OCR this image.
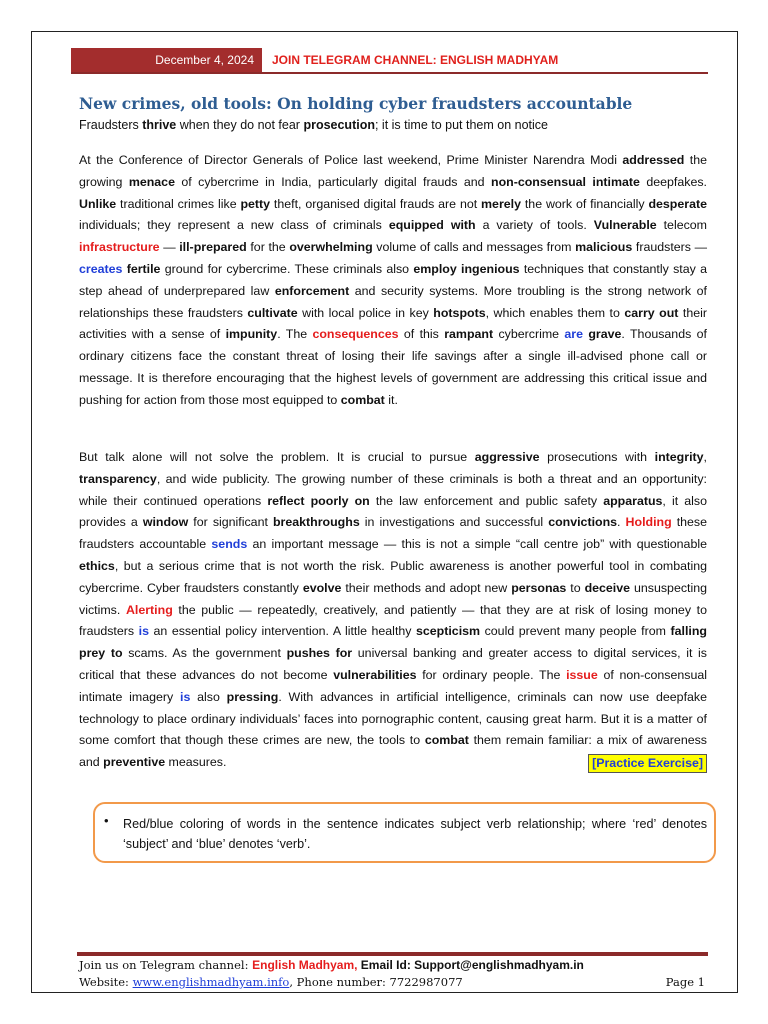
December 4, 2024	JOIN TELEGRAM CHANNEL: ENGLISH MADHYAM
New crimes, old tools: On holding cyber fraudsters accountable

Fraudsters thrive when they do not fear prosecution; it is time to put them on notice

At the Conference of Director Generals of Police last weekend, Prime Minister Narendra Modi addressed the growing menace of cybercrime in India, particularly digital frauds and non-consensual intimate deepfakes. Unlike traditional crimes like petty theft, organised digital frauds are not merely the work of financially desperate individuals; they represent a new class of criminals equipped with a variety of tools. Vulnerable telecom infrastructure — ill-prepared for the overwhelming volume of calls and messages from malicious fraudsters — creates fertile ground for cybercrime. These criminals also employ ingenious techniques that constantly stay a step ahead of underprepared law enforcement and security systems. More troubling is the strong network of relationships these fraudsters cultivate with local police in key hotspots, which enables them to carry out their activities with a sense of impunity. The consequences of this rampant cybercrime are grave. Thousands of ordinary citizens face the constant threat of losing their life savings after a single ill-advised phone call or message. It is therefore encouraging that the highest levels of government are addressing this critical issue and pushing for action from those most equipped to combat it.

But talk alone will not solve the problem. It is crucial to pursue aggressive prosecutions with integrity, transparency, and wide publicity. The growing number of these criminals is both a threat and an opportunity: while their continued operations reflect poorly on the law enforcement and public safety apparatus, it also provides a window for significant breakthroughs in investigations and successful convictions. Holding these fraudsters accountable sends an important message — this is not a simple “call centre job” with questionable ethics, but a serious crime that is not worth the risk. Public awareness is another powerful tool in combating cybercrime. Cyber fraudsters constantly evolve their methods and adopt new personas to deceive unsuspecting victims. Alerting the public — repeatedly, creatively, and patiently — that they are at risk of losing money to fraudsters is an essential policy intervention. A little healthy scepticism could prevent many people from falling prey to scams. As the government pushes for universal banking and greater access to digital services, it is critical that these advances do not become vulnerabilities for ordinary people. The issue of non-consensual intimate imagery is also pressing. With advances in artificial intelligence, criminals can now use deepfake technology to place ordinary individuals’ faces into pornographic content, causing great harm. But it is a matter of some comfort that though these crimes are new, the tools to combat them remain familiar: a mix of awareness and preventive measures.	[Practice Exercise]

• Red/blue coloring of words in the sentence indicates subject verb relationship; where ‘red’ denotes ‘subject’ and ‘blue’ denotes ‘verb’.

Join us on Telegram channel: English Madhyam, Email Id: Support@englishmadhyam.in
Website: www.englishmadhyam.info, Phone number: 7722987077	Page 1
